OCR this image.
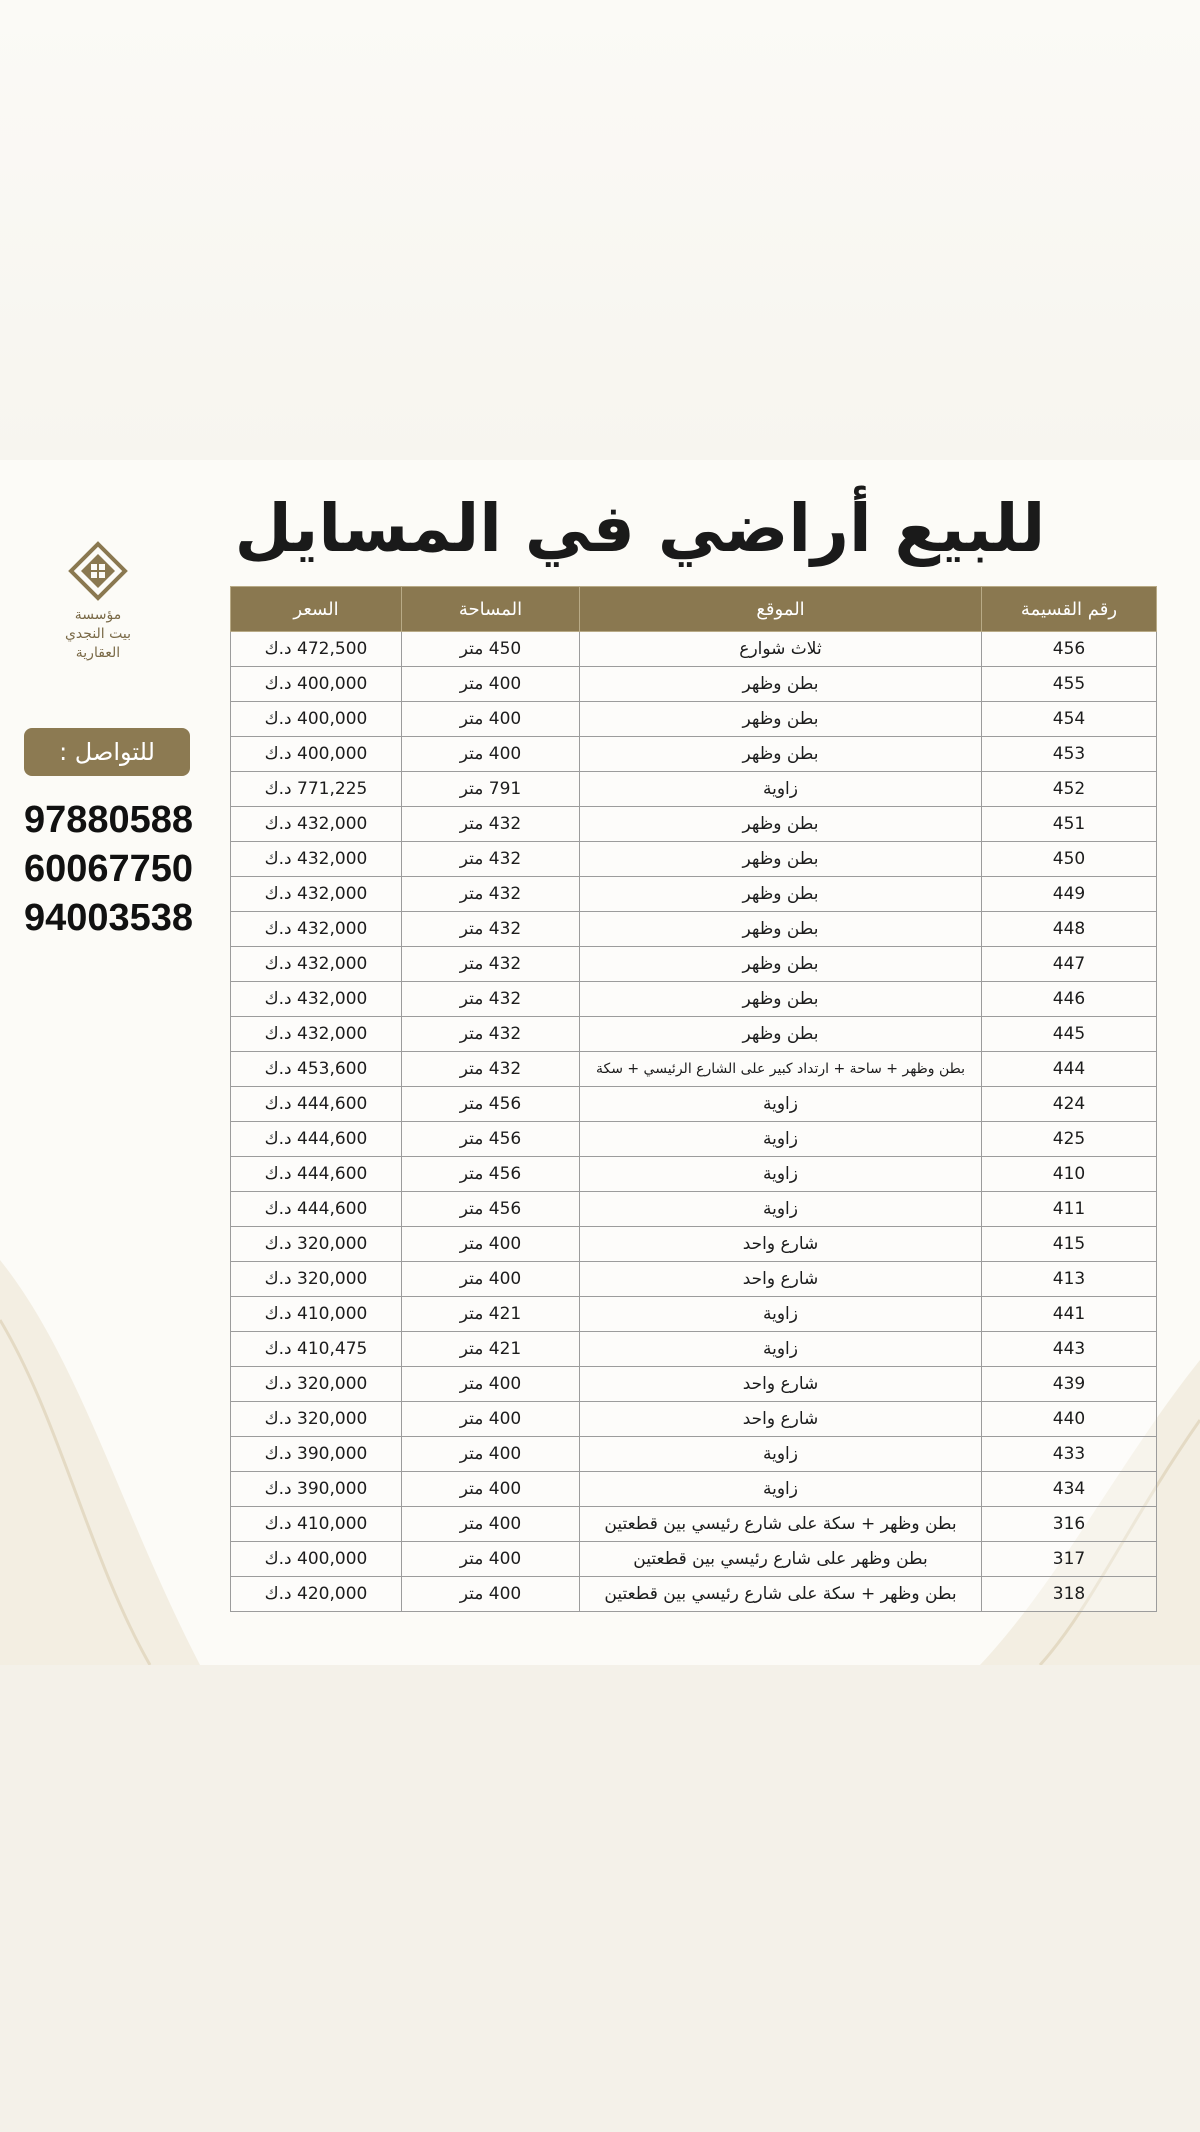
للبيع أراضي في المسايل
مؤسسة
بيت النجدي
العقارية
للتواصل :
97880588
60067750
94003538
رقم القسيمة	الموقع	المساحة	السعر
456	ثلاث شوارع	450 متر	472,500 د.ك
455	بطن وظهر	400 متر	400,000 د.ك
454	بطن وظهر	400 متر	400,000 د.ك
453	بطن وظهر	400 متر	400,000 د.ك
452	زاوية	791 متر	771,225 د.ك
451	بطن وظهر	432 متر	432,000 د.ك
450	بطن وظهر	432 متر	432,000 د.ك
449	بطن وظهر	432 متر	432,000 د.ك
448	بطن وظهر	432 متر	432,000 د.ك
447	بطن وظهر	432 متر	432,000 د.ك
446	بطن وظهر	432 متر	432,000 د.ك
445	بطن وظهر	432 متر	432,000 د.ك
444	بطن وظهر + ساحة + ارتداد كبير على الشارع الرئيسي + سكة	432 متر	453,600 د.ك
424	زاوية	456 متر	444,600 د.ك
425	زاوية	456 متر	444,600 د.ك
410	زاوية	456 متر	444,600 د.ك
411	زاوية	456 متر	444,600 د.ك
415	شارع واحد	400 متر	320,000 د.ك
413	شارع واحد	400 متر	320,000 د.ك
441	زاوية	421 متر	410,000 د.ك
443	زاوية	421 متر	410,475 د.ك
439	شارع واحد	400 متر	320,000 د.ك
440	شارع واحد	400 متر	320,000 د.ك
433	زاوية	400 متر	390,000 د.ك
434	زاوية	400 متر	390,000 د.ك
316	بطن وظهر + سكة على شارع رئيسي بين قطعتين	400 متر	410,000 د.ك
317	بطن وظهر على شارع رئيسي بين قطعتين	400 متر	400,000 د.ك
318	بطن وظهر + سكة على شارع رئيسي بين قطعتين	400 متر	420,000 د.ك
